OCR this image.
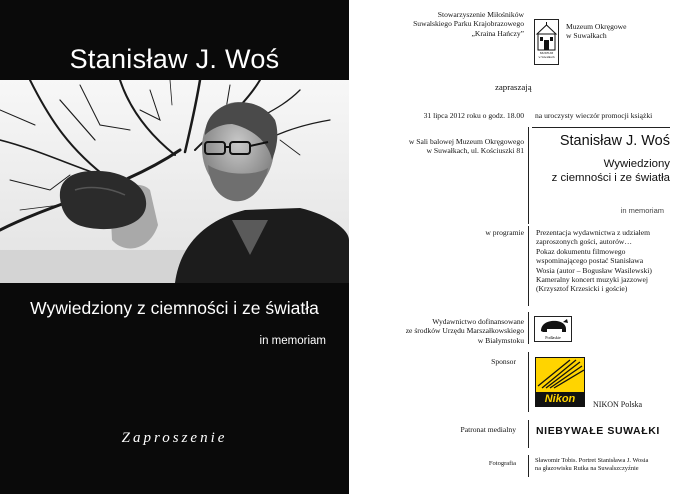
Stanisław J. Woś
Wywiedziony z ciemności i ze światła
in memoriam
Zaproszenie
Stowarzyszenie Miłośników
Suwalskiego Parku Krajobrazowego
„Kraina Hańczy”
MUZEUM
w Suwałkach
Muzeum Okręgowe
w Suwałkach
zapraszają
31 lipca 2012 roku o godz. 18.00 na uroczysty wieczór promocji książki
w Sali balowej Muzeum Okręgowego
w Suwałkach, ul. Kościuszki 81
Stanisław J. Woś
Wywiedziony
z ciemności i ze światła
in memoriam
w programie Prezentacja wydawnictwa z udziałem
zaproszonych gości, autorów…
Pokaz dokumentu filmowego
wspominającego postać Stanisława
Wosia (autor – Bogusław Wasilewski)
Kameralny koncert muzyki jazzowej
(Krzysztof Krzesicki i goście)
Wydawnictwo dofinansowane
ze środków Urzędu Marszałkowskiego
w Białymstoku	Podlaskie
Sponsor
Nikon	NIKON Polska
Patronat medialny NIEBYWAŁE SUWAŁKI
Fotografia	Sławomir Tobis. Portret Stanisława J. Wosia
na głazowisku Rutka na Suwalszczyźnie
